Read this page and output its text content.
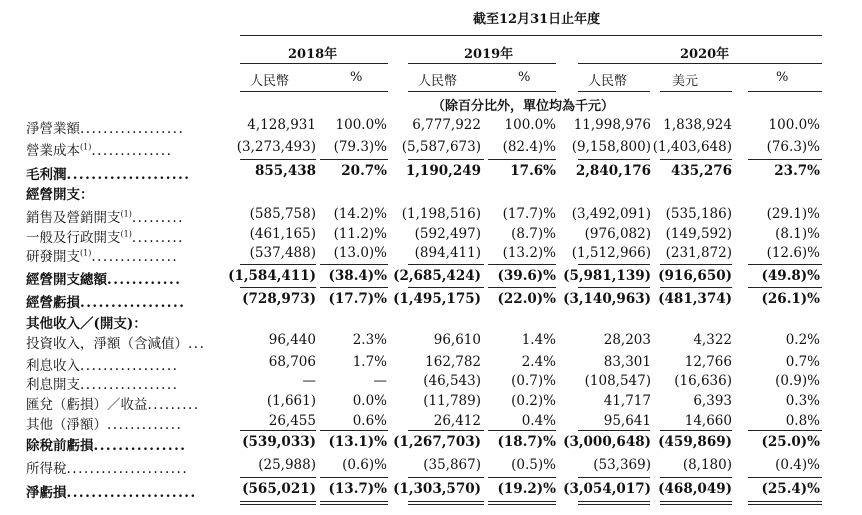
截至12月31日止年度
2018年	2019年	2020年
人民幣	%	人民幣	%	人民幣	美元	%
（除百分比外，單位均為千元）
淨營業額..................	4,128,931 100.0% 6,777,922 100.0% 11,998,976 1,838,924	100.0%
營業成本$^{(1)}$..............	(3,273,493) (79.3)% (5,587,673) (82.4)% (9,158,800) (1,403,648)	(76.3)%
毛利潤....................	855,438 20.7% 1,190,249 17.6% 2,840,176 435,276	23.7%
經營開支：
銷售及營銷開支$^{(1)}$.........	(585,758) (14.2)% (1,198,516) (17.7)% (3,492,091) (535,186)	(29.1)%
一般及行政開支$^{(1)}$.........	(461,165) (11.2)% (592,497) (8.7)% (976,082) (149,592)	(8.1)%
研發開支$^{(1)}$...............	(537,488) (13.0)% (894,411) (13.2)% (1,512,966) (231,872)	(12.6)%
經營開支總額............	(1,584,411) (38.4)% (2,685,424) (39.6)% (5,981,139) (916,650) (49.8)%
經營虧損.................	(728,973) (17.7)% (1,495,175) (22.0)% (3,140,963) (481,374) (26.1)%
其他收入／(開支)：
投資收入，淨額（含減值）...	96,440	2.3%	96,610	1.4%	28,203	4,322	0.2%
利息收入.................	68,706	1.7%	162,782	2.4%	83,301	12,766	0.7%
利息開支.................	—	—	(46,543) (0.7)% (108,547) (16,636)	(0.9)%
匯兌（虧損）／收益.........	(1,661)	0.0%	(11,789) (0.2)%	41,717	6,393	0.3%
其他（淨額）.............	26,455	0.6%	26,412	0.4%	95,641	14,660	0.8%
除稅前虧損...............	(539,033) (13.1)% (1,267,703) (18.7)% (3,000,648) (459,869) (25.0)%
所得稅.....................	(25,988) (0.6)%	(35,867) (0.5)%	(53,369) (8,180)	(0.4)%
淨虧損.....................	(565,021) (13.7)% (1,303,570) (19.2)% (3,054,017) (468,049) (25.4)%
